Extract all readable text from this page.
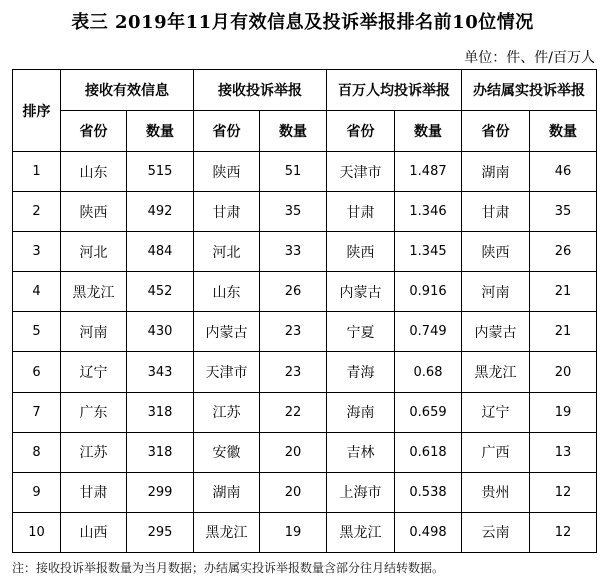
表三 2019年11月有效信息及投诉举报排名前10位情况
单位：件、件/百万人
排序	接收有效信息		接收投诉举报		百万人均投诉举报		办结属实投诉举报	
	省份	数量	省份	数量	省份	数量	省份	数量
1	山东	515	陕西	51	天津市	1.487	湖南	46
2	陕西	492	甘肃	35	甘肃	1.346	甘肃	35
3	河北	484	河北	33	陕西	1.345	陕西	26
4	黑龙江	452	山东	26	内蒙古	0.916	河南	21
5	河南	430	内蒙古	23	宁夏	0.749	内蒙古	21
6	辽宁	343	天津市	23	青海	0.68	黑龙江	20
7	广东	318	江苏	22	海南	0.659	辽宁	19
8	江苏	318	安徽	20	吉林	0.618	广西	13
9	甘肃	299	湖南	20	上海市	0.538	贵州	12
10	山西	295	黑龙江	19	黑龙江	0.498	云南	12
注：接收投诉举报数量为当月数据；办结属实投诉举报数量含部分往月结转数据。
